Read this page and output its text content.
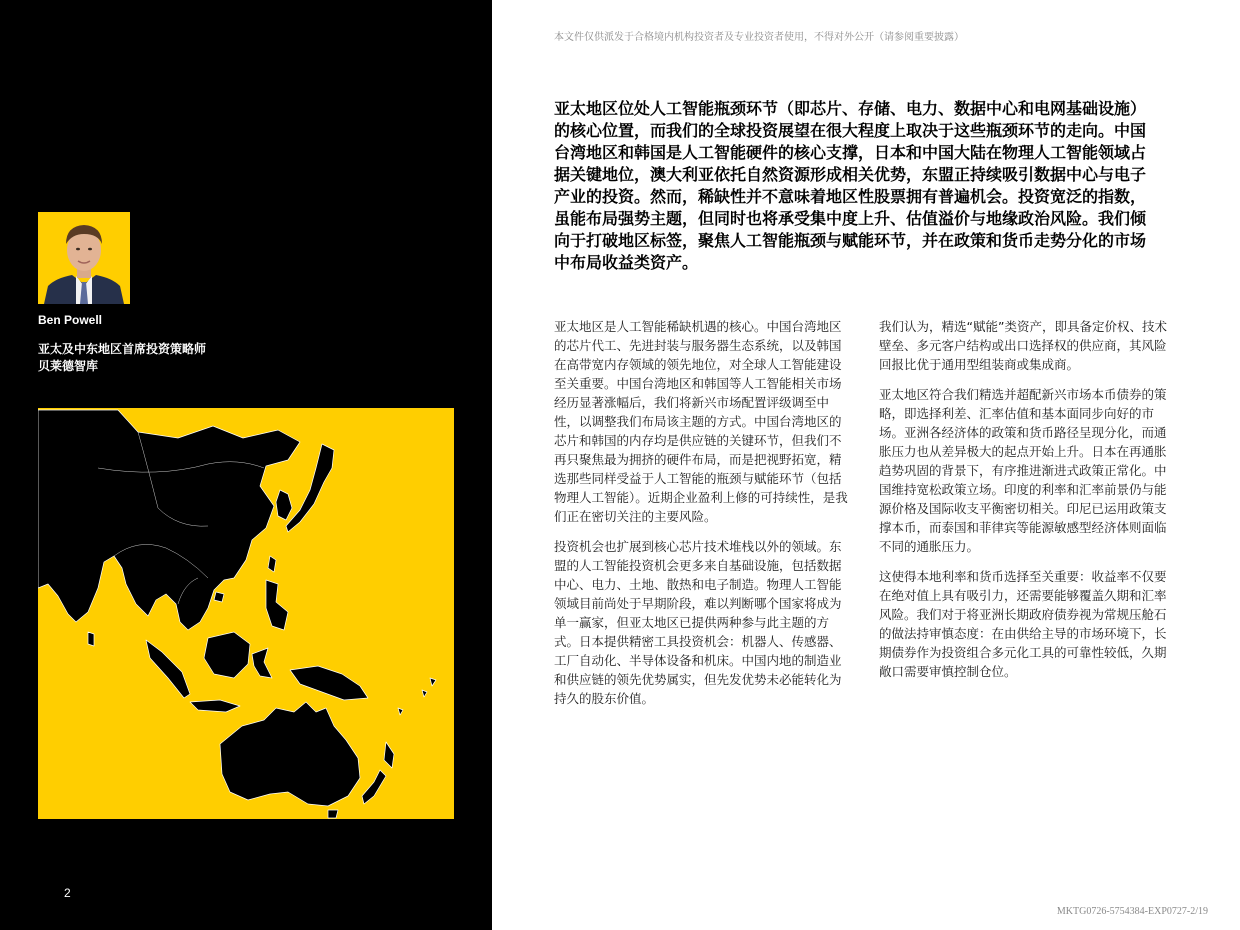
Ben Powell
亚太及中东地区首席投资策略师
贝莱德智库
2
本文件仅供派发于合格境内机构投资者及专业投资者使用，不得对外公开（请参阅重要披露）
亚太地区位处人工智能瓶颈环节（即芯片、存储、电力、数据中心和电网基础设施）的核心位置，而我们的全球投资展望在很大程度上取决于这些瓶颈环节的走向。中国台湾地区和韩国是人工智能硬件的核心支撑，日本和中国大陆在物理人工智能领域占据关键地位，澳大利亚依托自然资源形成相关优势，东盟正持续吸引数据中心与电子产业的投资。然而，稀缺性并不意味着地区性股票拥有普遍机会。投资宽泛的指数，虽能布局强势主题，但同时也将承受集中度上升、估值溢价与地缘政治风险。我们倾向于打破地区标签，聚焦人工智能瓶颈与赋能环节，并在政策和货币走势分化的市场中布局收益类资产。

亚太地区是人工智能稀缺机遇的核心。中国台湾地区的芯片代工、先进封装与服务器生态系统，以及韩国在高带宽内存领域的领先地位，对全球人工智能建设至关重要。中国台湾地区和韩国等人工智能相关市场经历显著涨幅后，我们将新兴市场配置评级调至中性，以调整我们布局该主题的方式。中国台湾地区的芯片和韩国的内存均是供应链的关键环节，但我们不再只聚焦最为拥挤的硬件布局，而是把视野拓宽，精选那些同样受益于人工智能的瓶颈与赋能环节（包括物理人工智能）。近期企业盈利上修的可持续性，是我们正在密切关注的主要风险。

投资机会也扩展到核心芯片技术堆栈以外的领域。东盟的人工智能投资机会更多来自基础设施，包括数据中心、电力、土地、散热和电子制造。物理人工智能领域目前尚处于早期阶段，难以判断哪个国家将成为单一赢家，但亚太地区已提供两种参与此主题的方式。日本提供精密工具投资机会：机器人、传感器、工厂自动化、半导体设备和机床。中国内地的制造业和供应链的领先优势属实，但先发优势未必能转化为持久的股东价值。

我们认为，精选“赋能”类资产，即具备定价权、技术壁垒、多元客户结构或出口选择权的供应商，其风险回报比优于通用型组装商或集成商。

亚太地区符合我们精选并超配新兴市场本币债券的策略，即选择利差、汇率估值和基本面同步向好的市场。亚洲各经济体的政策和货币路径呈现分化，而通胀压力也从差异极大的起点开始上升。日本在再通胀趋势巩固的背景下，有序推进渐进式政策正常化。中国维持宽松政策立场。印度的利率和汇率前景仍与能源价格及国际收支平衡密切相关。印尼已运用政策支撑本币，而泰国和菲律宾等能源敏感型经济体则面临不同的通胀压力。

这使得本地利率和货币选择至关重要：收益率不仅要在绝对值上具有吸引力，还需要能够覆盖久期和汇率风险。我们对于将亚洲长期政府债券视为常规压舱石的做法持审慎态度：在由供给主导的市场环境下，长期债券作为投资组合多元化工具的可靠性较低，久期敞口需要审慎控制仓位。

MKTG0726-5754384-EXP0727-2/19
